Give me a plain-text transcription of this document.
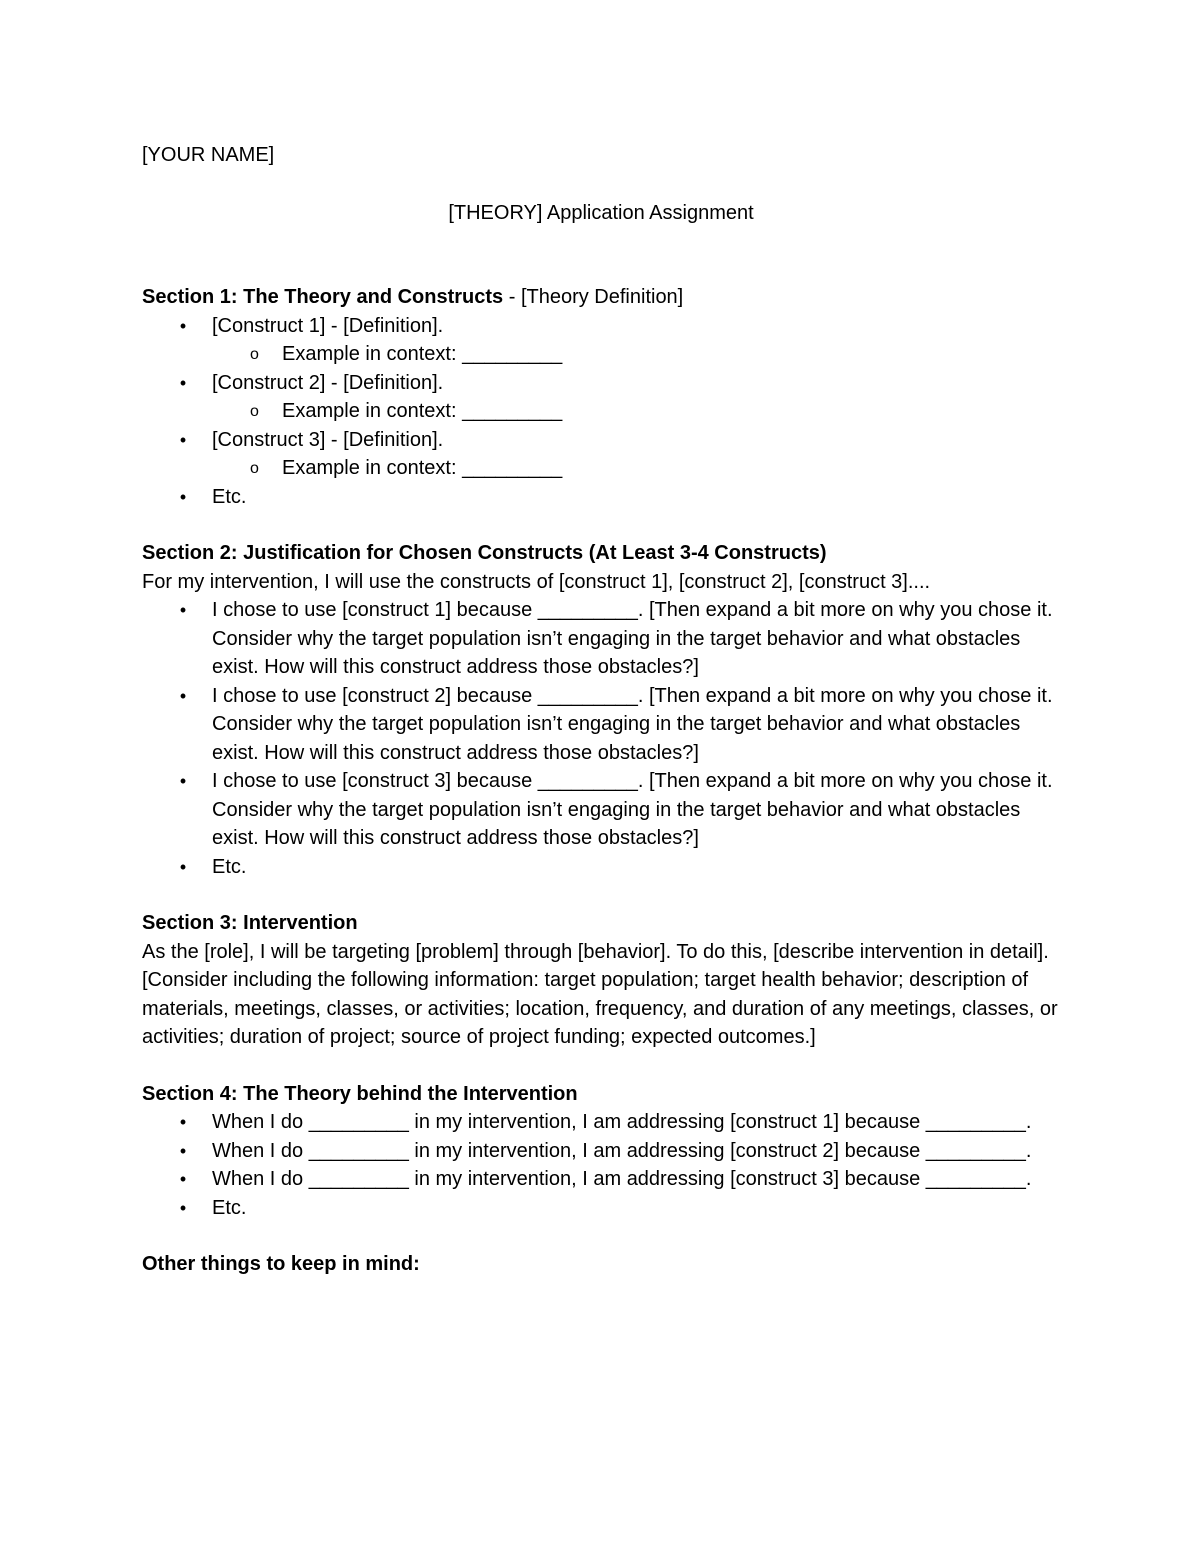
[YOUR NAME]

[THEORY] Application Assignment

Section 1: The Theory and Constructs - [Theory Definition]

•	[Construct 1] - [Definition].
o Example in context: _________
•	[Construct 2] - [Definition].
o Example in context: _________
•	[Construct 3] - [Definition].
o Example in context: _________
•	Etc.

Section 2: Justification for Chosen Constructs (At Least 3-4 Constructs)

For my intervention, I will use the constructs of [construct 1], [construct 2], [construct 3]....

•	I chose to use [construct 1] because _________. [Then expand a bit more on why you chose it. Consider why the target population isn’t engaging in the target behavior and what obstacles exist. How will this construct address those obstacles?]
•	I chose to use [construct 2] because _________. [Then expand a bit more on why you chose it. Consider why the target population isn’t engaging in the target behavior and what obstacles exist. How will this construct address those obstacles?]
•	I chose to use [construct 3] because _________. [Then expand a bit more on why you chose it. Consider why the target population isn’t engaging in the target behavior and what obstacles exist. How will this construct address those obstacles?]
•	Etc.

Section 3: Intervention

As the [role], I will be targeting [problem] through [behavior]. To do this, [describe intervention in detail]. [Consider including the following information: target population; target health behavior; description of materials, meetings, classes, or activities; location, frequency, and duration of any meetings, classes, or activities; duration of project; source of project funding; expected outcomes.]

Section 4: The Theory behind the Intervention

•	When I do _________ in my intervention, I am addressing [construct 1] because _________.
•	When I do _________ in my intervention, I am addressing [construct 2] because _________.
•	When I do _________ in my intervention, I am addressing [construct 3] because _________.
•	Etc.

Other things to keep in mind:
